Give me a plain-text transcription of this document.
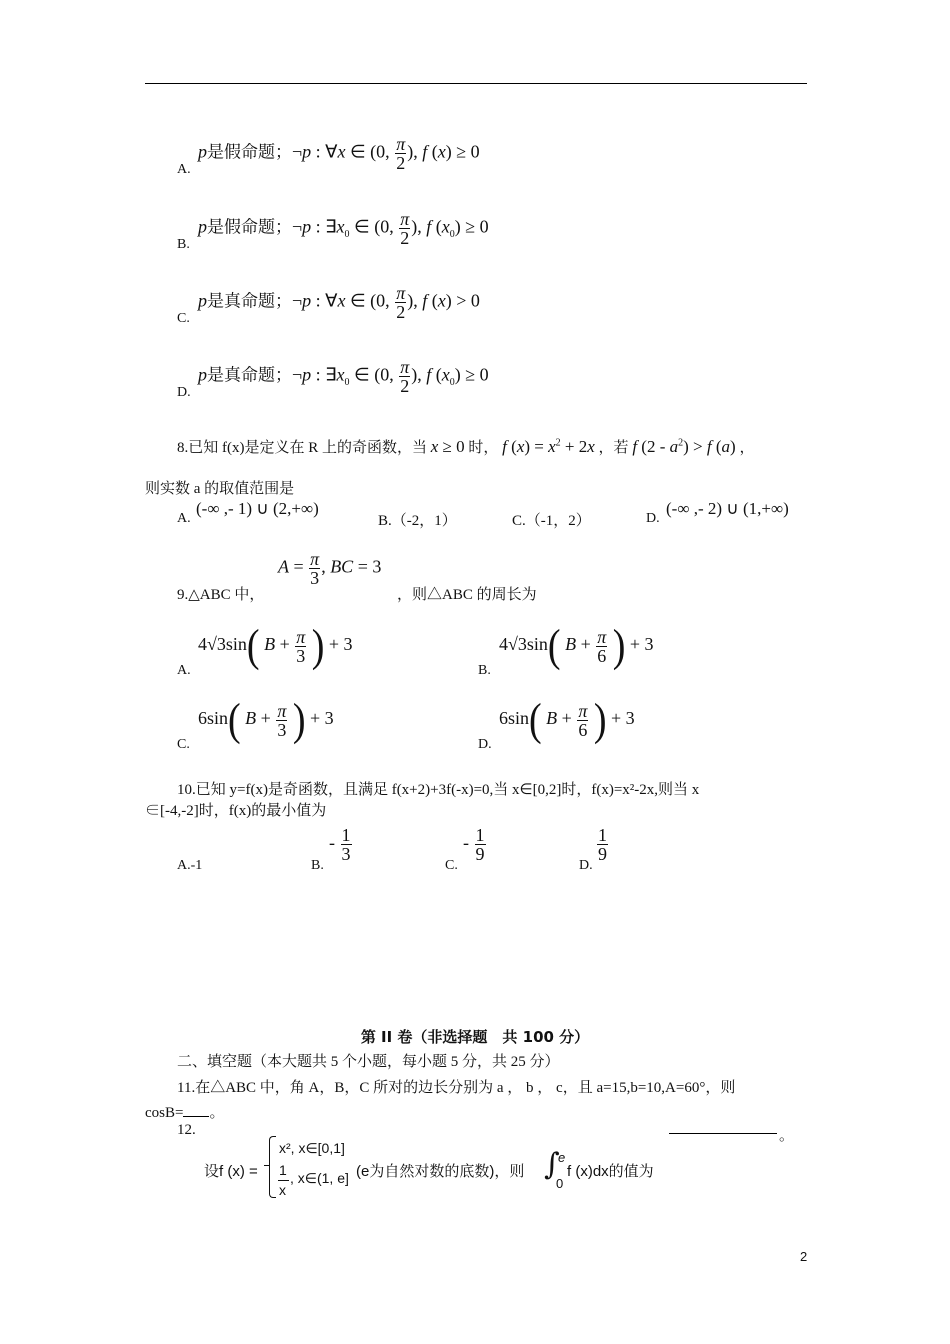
A.
p是假命题；¬p : ∀x ∈ (0, $\frac{\pi}{2}$ ), f (x) ≥ 0
B.
p是假命题；¬p : $\exists x_0$ ∈ (0, $\frac{\pi}{2}$ ), f $(x_0) \ge 0$
C.
p是真命题；¬p : ∀x ∈ (0, $\frac{\pi}{2}$ ), f (x) > 0
D.
p是真命题；¬p : $\exists x_0$ ∈ (0, $\frac{\pi}{2}$ ), f $(x_0) \ge 0$
8.已知 f(x)是定义在 R 上的奇函数，当 x ≥ 0 时， f $(x) = x^2 + 2x$ ，若 f $(2 - a^2) > f$ (a) ，
则实数 a 的取值范围是
A.
(-∞ ,- 1) ∪ (2,+∞)
B.（-2，1）	C.（-1，2）	D.
(-∞ ,- 2) ∪ (1,+∞)
$A = \frac{\pi}{3}$ , BC = 3
9.△ABC 中，	，则△ABC 的周长为
A.
4√3sin( $B + \frac{\pi}{3}$ ) + 3
B.
4√3sin( $B + \frac{\pi}{6}$ ) + 3
C.
6sin( $B + \frac{\pi}{3}$ ) + 3
D.
6sin( $B + \frac{\pi}{6}$ ) + 3
10.已知 y=f(x)是奇函数，且满足 f(x+2)+3f(-x)=0,当 x∈[0,2]时，f(x)=x²-2x,则当 x
∈[-4,-2]时，f(x)的最小值为
A.-1	B.
- $\frac{1}{3}$
C.
- $\frac{1}{9}$
D.
$\frac{1}{9}$
第 II 卷（非选择题　共 100 分）
二、填空题（本大题共 5 个小题，每小题 5 分，共 25 分）
11.在△ABC 中，角 A，B，C 所对的边长分别为 a ， b ， c，且 a=15,b=10,A=60°，则
cosB= 。
12.	。
设f (x) =
x², x∈[0,1]
1
x
, x∈(1, e] (e为自然对数的底数)，则 ∫
e
0
f (x)dx的值为
2
